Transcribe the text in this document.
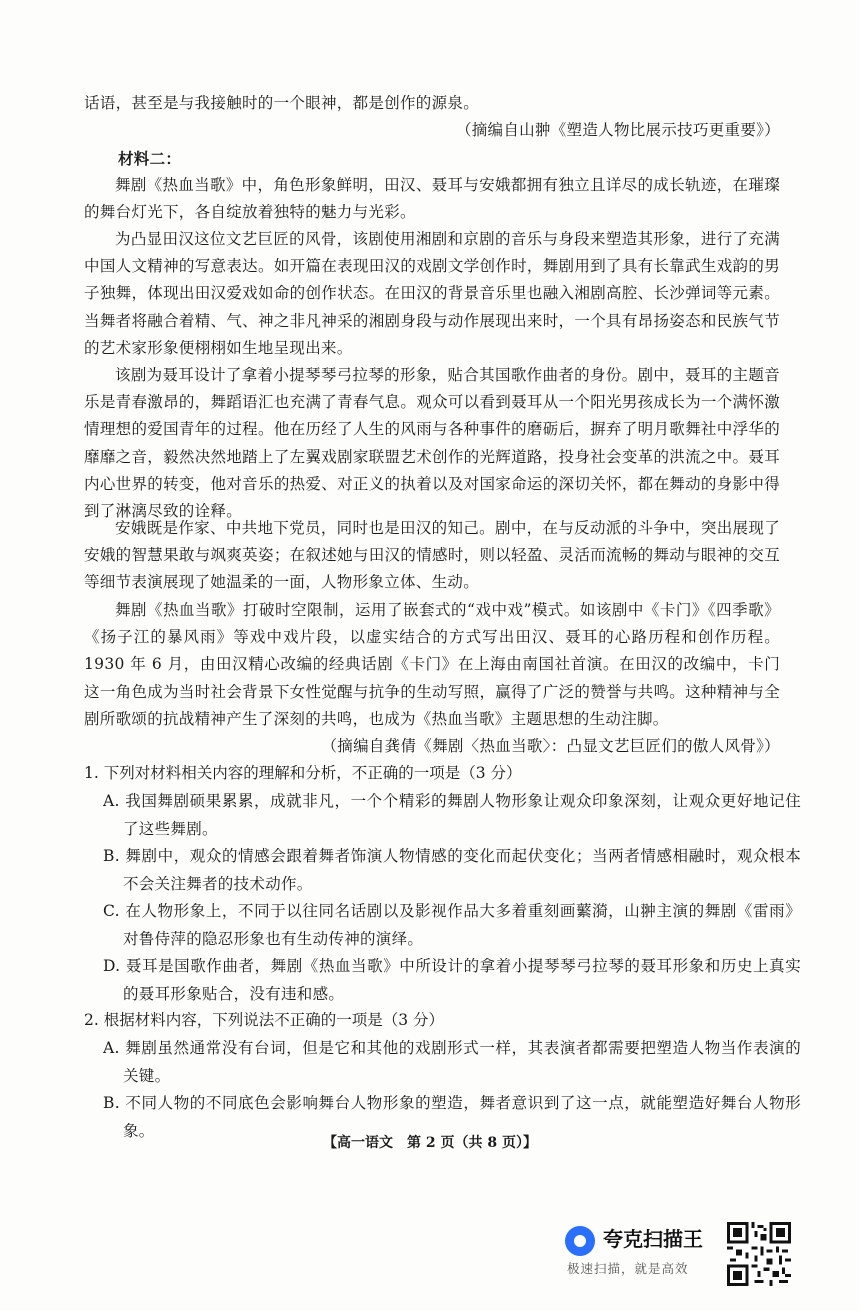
话语，甚至是与我接触时的一个眼神，都是创作的源泉。

（摘编自山翀《塑造人物比展示技巧更重要》）

材料二：

舞剧《热血当歌》中，角色形象鲜明，田汉、聂耳与安娥都拥有独立且详尽的成长轨迹，在璀璨的舞台灯光下，各自绽放着独特的魅力与光彩。

为凸显田汉这位文艺巨匠的风骨，该剧使用湘剧和京剧的音乐与身段来塑造其形象，进行了充满中国人文精神的写意表达。如开篇在表现田汉的戏剧文学创作时，舞剧用到了具有长靠武生戏韵的男子独舞，体现出田汉爱戏如命的创作状态。在田汉的背景音乐里也融入湘剧高腔、长沙弹词等元素。当舞者将融合着精、气、神之非凡神采的湘剧身段与动作展现出来时，一个具有昂扬姿态和民族气节的艺术家形象便栩栩如生地呈现出来。

该剧为聂耳设计了拿着小提琴琴弓拉琴的形象，贴合其国歌作曲者的身份。剧中，聂耳的主题音乐是青春激昂的，舞蹈语汇也充满了青春气息。观众可以看到聂耳从一个阳光男孩成长为一个满怀激情理想的爱国青年的过程。他在历经了人生的风雨与各种事件的磨砺后，摒弃了明月歌舞社中浮华的靡靡之音，毅然决然地踏上了左翼戏剧家联盟艺术创作的光辉道路，投身社会变革的洪流之中。聂耳内心世界的转变，他对音乐的热爱、对正义的执着以及对国家命运的深切关怀，都在舞动的身影中得到了淋漓尽致的诠释。

安娥既是作家、中共地下党员，同时也是田汉的知己。剧中，在与反动派的斗争中，突出展现了安娥的智慧果敢与飒爽英姿；在叙述她与田汉的情感时，则以轻盈、灵活而流畅的舞动与眼神的交互等细节表演展现了她温柔的一面，人物形象立体、生动。

舞剧《热血当歌》打破时空限制，运用了嵌套式的“戏中戏”模式。如该剧中《卡门》《四季歌》《扬子江的暴风雨》等戏中戏片段，以虚实结合的方式写出田汉、聂耳的心路历程和创作历程。1930 年 6 月，由田汉精心改编的经典话剧《卡门》在上海由南国社首演。在田汉的改编中，卡门这一角色成为当时社会背景下女性觉醒与抗争的生动写照，赢得了广泛的赞誉与共鸣。这种精神与全剧所歌颂的抗战精神产生了深刻的共鸣，也成为《热血当歌》主题思想的生动注脚。

（摘编自龚倩《舞剧〈热血当歌〉：凸显文艺巨匠们的傲人风骨》）

1. 下列对材料相关内容的理解和分析，不正确的一项是（3 分）

A. 我国舞剧硕果累累，成就非凡，一个个精彩的舞剧人物形象让观众印象深刻，让观众更好地记住了这些舞剧。

B. 舞剧中，观众的情感会跟着舞者饰演人物情感的变化而起伏变化；当两者情感相融时，观众根本不会关注舞者的技术动作。

C. 在人物形象上，不同于以往同名话剧以及影视作品大多着重刻画蘩漪，山翀主演的舞剧《雷雨》对鲁侍萍的隐忍形象也有生动传神的演绎。

D. 聂耳是国歌作曲者，舞剧《热血当歌》中所设计的拿着小提琴琴弓拉琴的聂耳形象和历史上真实的聂耳形象贴合，没有违和感。

2. 根据材料内容，下列说法不正确的一项是（3 分）

A. 舞剧虽然通常没有台词，但是它和其他的戏剧形式一样，其表演者都需要把塑造人物当作表演的关键。

B. 不同人物的不同底色会影响舞台人物形象的塑造，舞者意识到了这一点，就能塑造好舞台人物形象。

【高一语文　第 2 页（共 8 页）】
夸克扫描王
极速扫描，就是高效
